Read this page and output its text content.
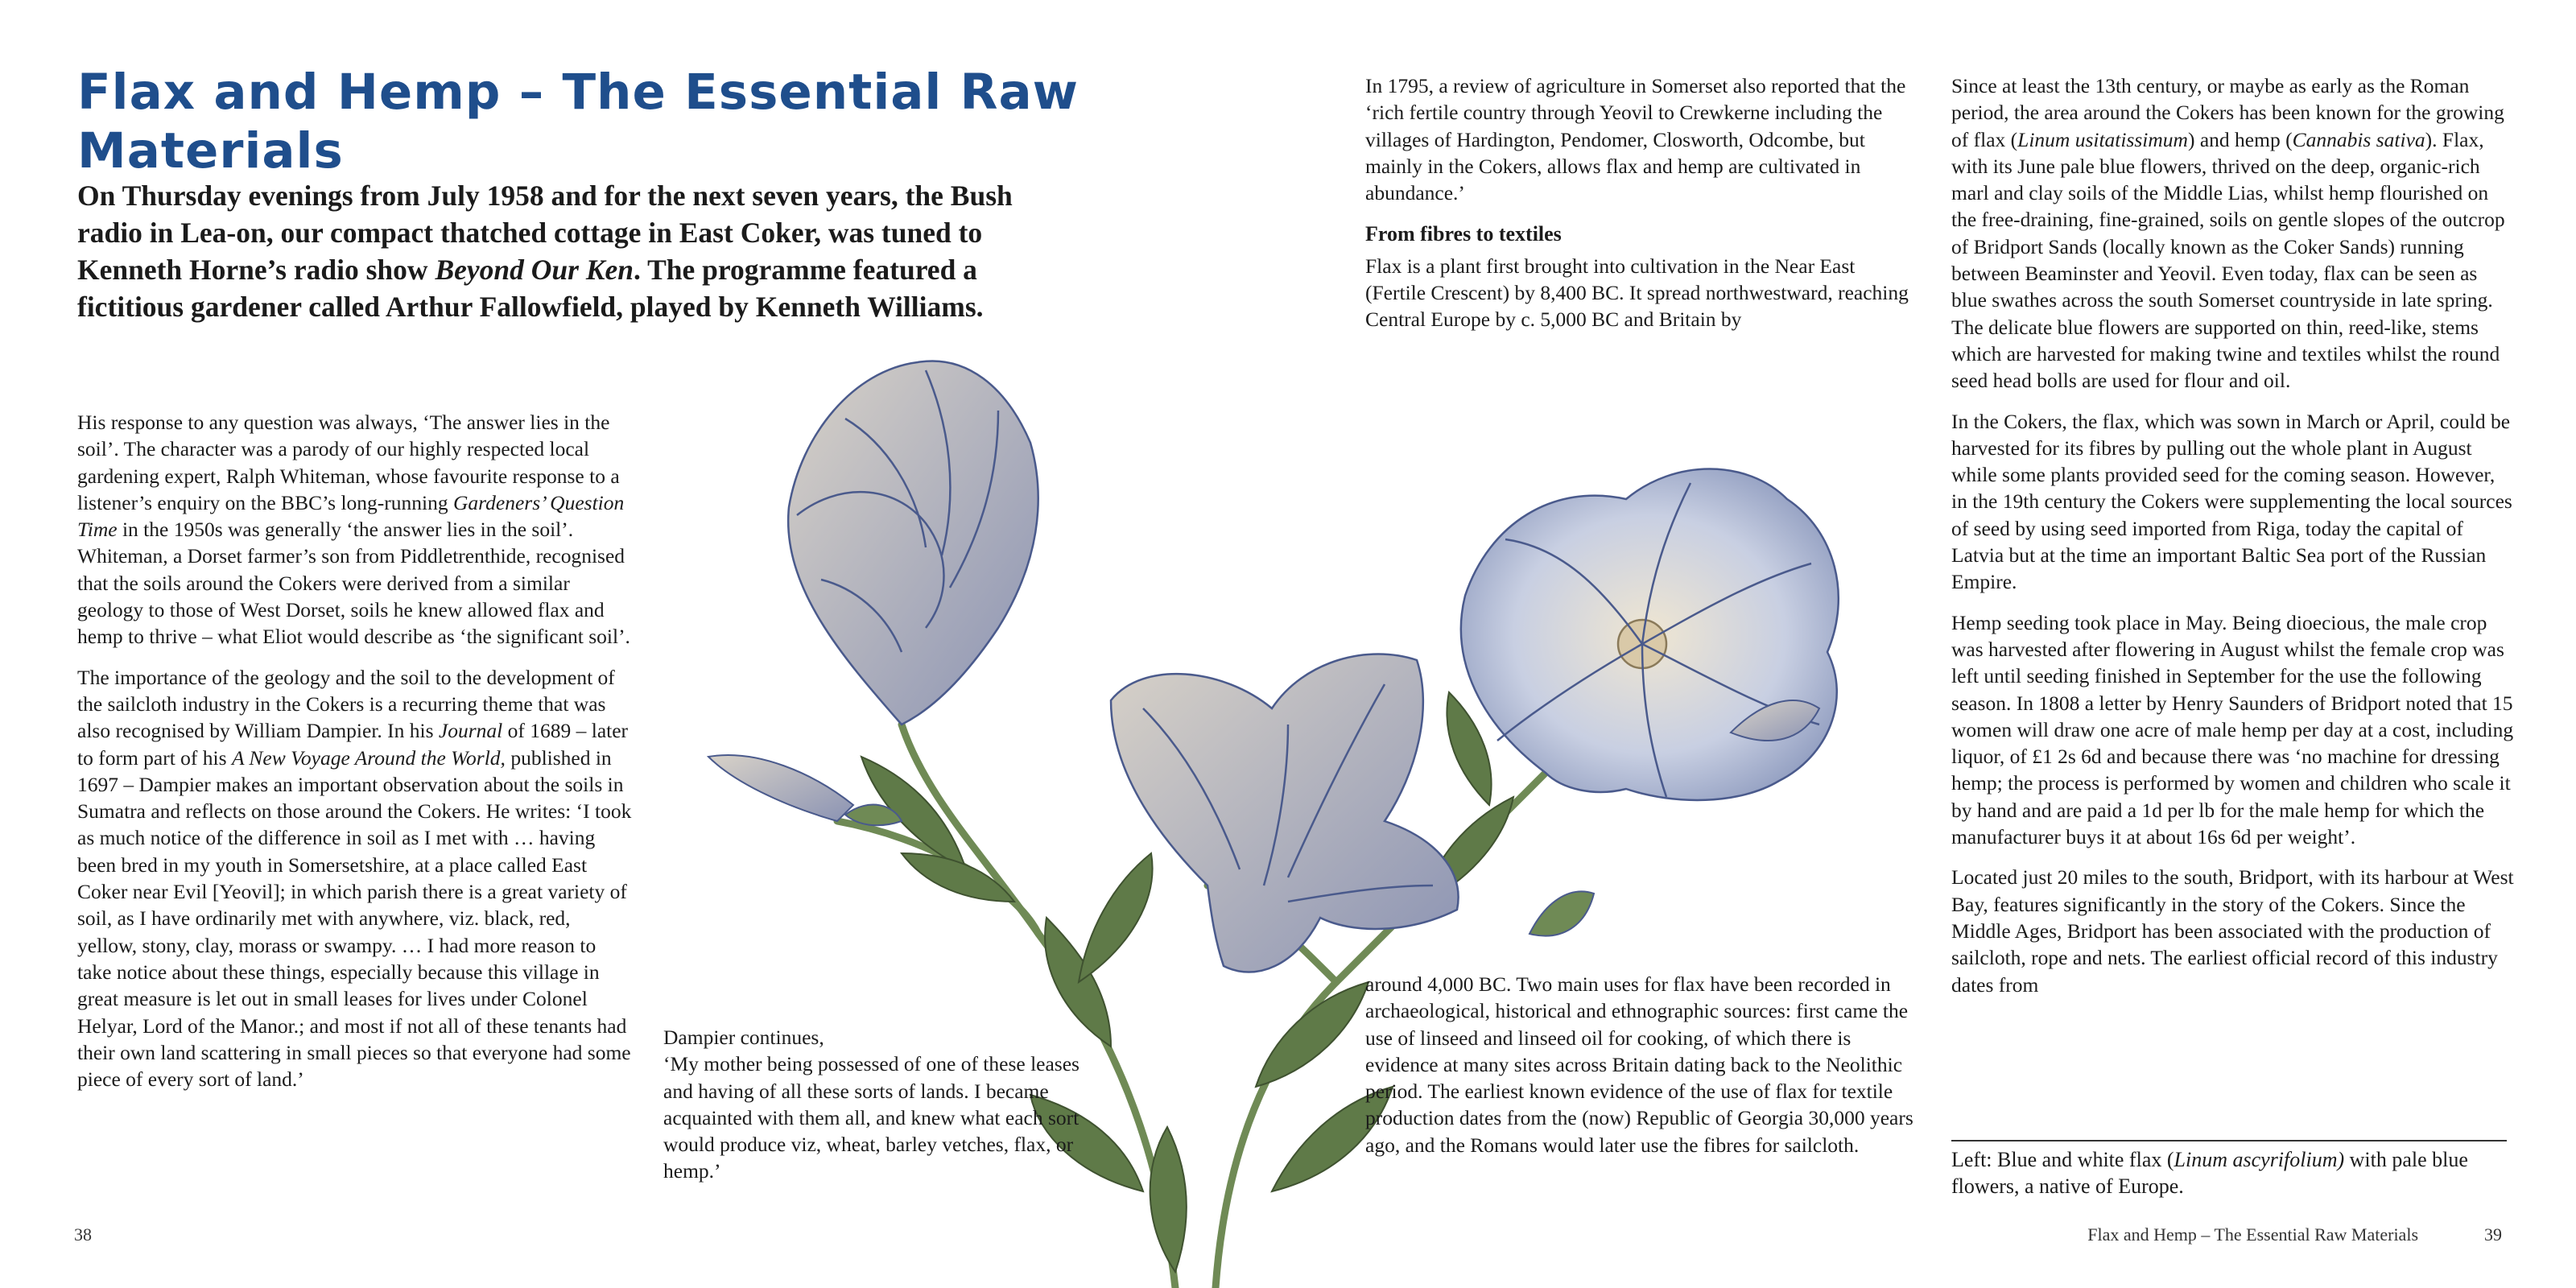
Flax and Hemp – The Essential Raw Materials
On Thursday evenings from July 1958 and for the next seven years, the Bush radio in Lea-on, our compact thatched cottage in East Coker, was tuned to Kenneth Horne’s radio show Beyond Our Ken. The programme featured a fictitious gardener called Arthur Fallowfield, played by Kenneth Williams.

His response to any question was always, ‘The answer lies in the soil’. The character was a parody of our highly respected local gardening expert, Ralph Whiteman, whose favourite response to a listener’s enquiry on the BBC’s long-running Gardeners’ Question Time in the 1950s was generally ‘the answer lies in the soil’. Whiteman, a Dorset farmer’s son from Piddletrenthide, recognised that the soils around the Cokers were derived from a similar geology to those of West Dorset, soils he knew allowed flax and hemp to thrive – what Eliot would describe as ‘the significant soil’.

The importance of the geology and the soil to the development of the sailcloth industry in the Cokers is a recurring theme that was also recognised by William Dampier. In his Journal of 1689 – later to form part of his A New Voyage Around the World, published in 1697 – Dampier makes an important observation about the soils in Sumatra and reflects on those around the Cokers. He writes: ‘I took as much notice of the difference in soil as I met with … having been bred in my youth in Somersetshire, at a place called East Coker near Evil [Yeovil]; in which parish there is a great variety of soil, as I have ordinarily met with anywhere, viz. black, red, yellow, stony, clay, morass or swampy. … I had more reason to take notice about these things, especially because this village in great measure is let out in small leases for lives under Colonel Helyar, Lord of the Manor.; and most if not all of these tenants had their own land scattering in small pieces so that everyone had some piece of every sort of land.’

Dampier continues,

‘My mother being possessed of one of these leases and having of all these sorts of lands. I became acquainted with them all, and knew what each sort would produce viz, wheat, barley vetches, flax, or hemp.’

In 1795, a review of agriculture in Somerset also reported that the ‘rich fertile country through Yeovil to Crewkerne including the villages of Hardington, Pendomer, Closworth, Odcombe, but mainly in the Cokers, allows flax and hemp are cultivated in abundance.’

From fibres to textiles

Flax is a plant first brought into cultivation in the Near East (Fertile Crescent) by 8,400 BC. It spread northwestward, reaching Central Europe by c. 5,000 BC and Britain by

around 4,000 BC. Two main uses for flax have been recorded in archaeological, historical and ethnographic sources: first came the use of linseed and linseed oil for cooking, of which there is evidence at many sites across Britain dating back to the Neolithic period. The earliest known evidence of the use of flax for textile production dates from the (now) Republic of Georgia 30,000 years ago, and the Romans would later use the fibres for sailcloth.

Since at least the 13th century, or maybe as early as the Roman period, the area around the Cokers has been known for the growing of flax (Linum usitatissimum) and hemp (Cannabis sativa). Flax, with its June pale blue flowers, thrived on the deep, organic-rich marl and clay soils of the Middle Lias, whilst hemp flourished on the free-draining, fine-grained, soils on gentle slopes of the outcrop of Bridport Sands (locally known as the Coker Sands) running between Beaminster and Yeovil. Even today, flax can be seen as blue swathes across the south Somerset countryside in late spring. The delicate blue flowers are supported on thin, reed-like, stems which are harvested for making twine and textiles whilst the round seed head bolls are used for flour and oil.

In the Cokers, the flax, which was sown in March or April, could be harvested for its fibres by pulling out the whole plant in August while some plants provided seed for the coming season. However, in the 19th century the Cokers were supplementing the local sources of seed by using seed imported from Riga, today the capital of Latvia but at the time an important Baltic Sea port of the Russian Empire.

Hemp seeding took place in May. Being dioecious, the male crop was harvested after flowering in August whilst the female crop was left until seeding finished in September for the use the following season. In 1808 a letter by Henry Saunders of Bridport noted that 15 women will draw one acre of male hemp per day at a cost, including liquor, of £1 2s 6d and because there was ‘no machine for dressing hemp; the process is performed by women and children who scale it by hand and are paid a 1d per lb for the male hemp for which the manufacturer buys it at about 16s 6d per weight’.

Located just 20 miles to the south, Bridport, with its harbour at West Bay, features significantly in the story of the Cokers. Since the Middle Ages, Bridport has been associated with the production of sailcloth, rope and nets. The earliest official record of this industry dates from

Left: Blue and white flax (Linum ascyrifolium) with pale blue flowers, a native of Europe.
38	Flax and Hemp – The Essential Raw Materials	39
